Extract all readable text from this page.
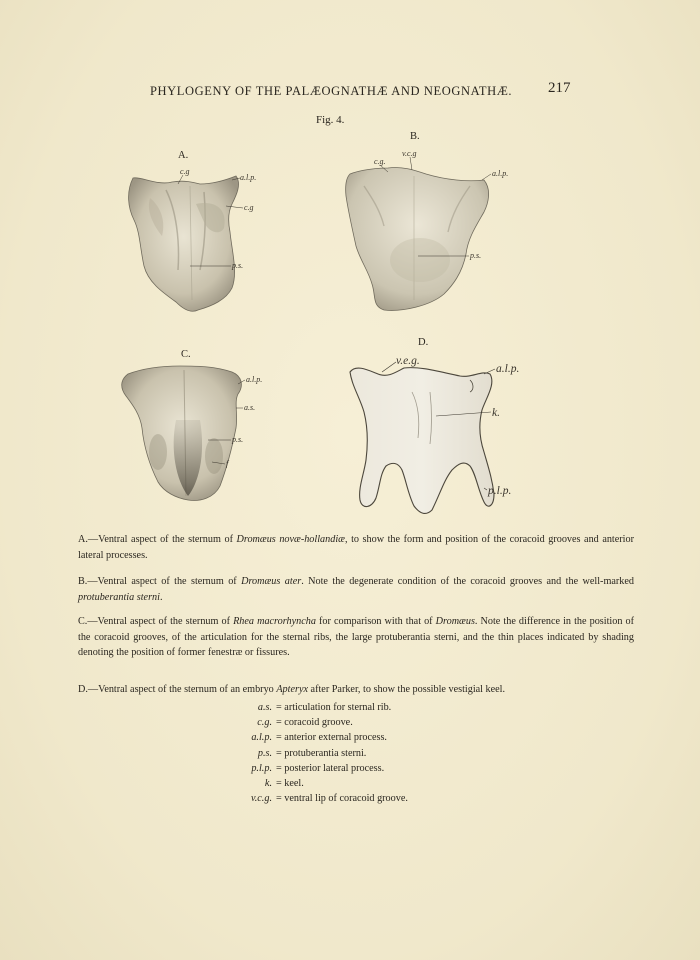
PHYLOGENY OF THE PALÆOGNATHÆ AND NEOGNATHÆ. 217
Fig. 4.
A.
B.
C.
D.
c.g
a.l.p.
c.g
p.s.
v.c.g
c.g.
a.l.p.
p.s.
a.l.p.
a.s.
p.s.
f
v.e.g.
a.l.p.
k.
p.l.p.
A.—Ventral aspect of the sternum of Dromæus novæ-hollandiæ, to show the form and position of the coracoid grooves and anterior lateral processes.
B.—Ventral aspect of the sternum of Dromæus ater. Note the degenerate condition of the coracoid grooves and the well-marked protuberantia sterni.
C.—Ventral aspect of the sternum of Rhea macrorhyncha for comparison with that of Dromæus. Note the difference in the position of the coracoid grooves, of the articulation for the sternal ribs, the large protuberantia sterni, and the thin places indicated by shading denoting the position of former fenestræ or fissures.
D.—Ventral aspect of the sternum of an embryo Apteryx after Parker, to show the possible vestigial keel.
a.s. = articulation for sternal rib.
c.g. = coracoid groove.
a.l.p. = anterior external process.
p.s. = protuberantia sterni.
p.l.p. = posterior lateral process.
k. = keel.
v.c.g. = ventral lip of coracoid groove.
